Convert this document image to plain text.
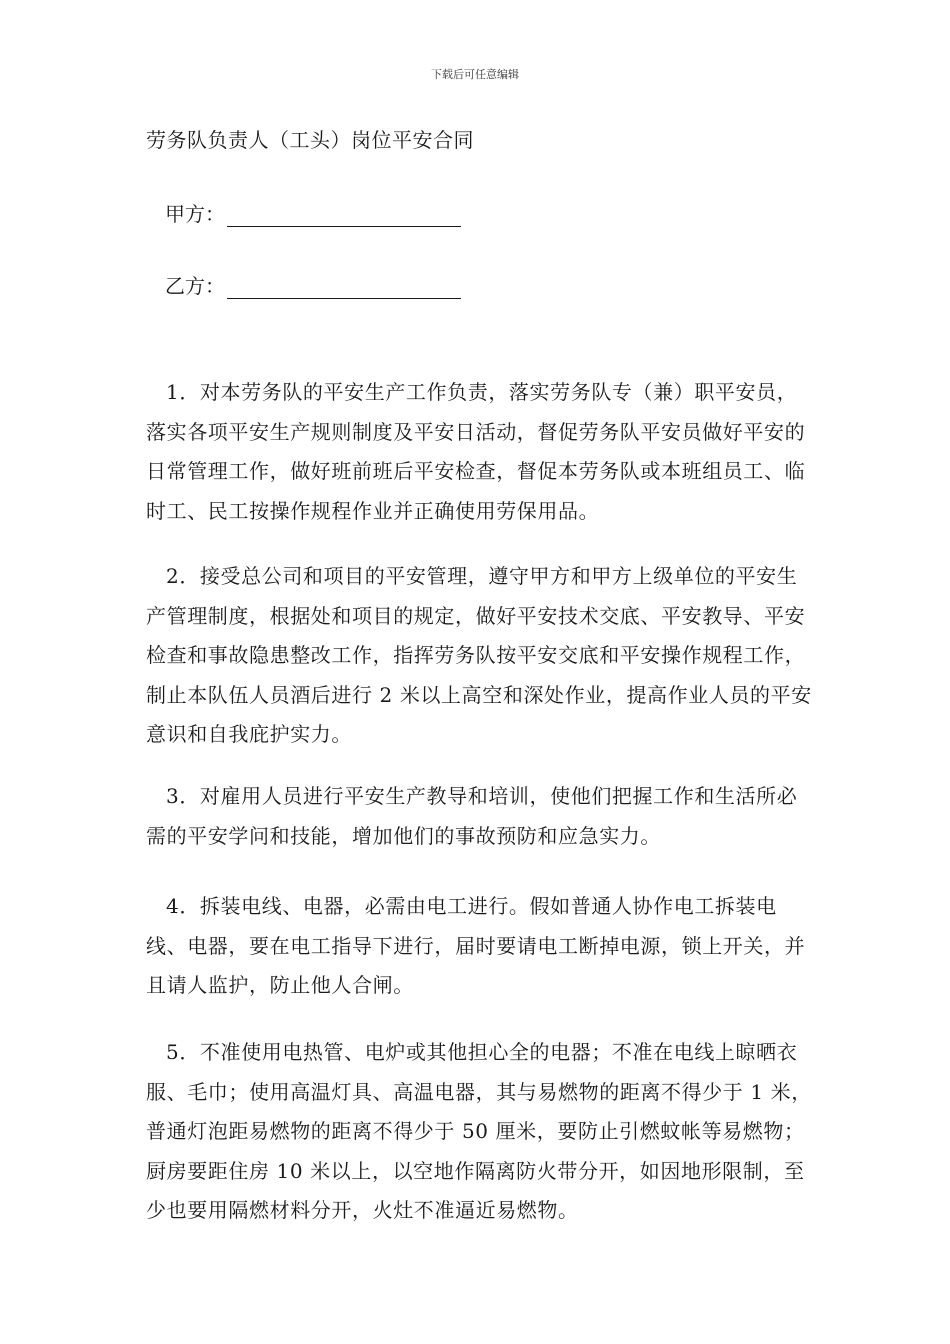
下载后可任意编辑
劳务队负责人（工头）岗位平安合同
甲方：
乙方：

1．对本劳务队的平安生产工作负责，落实劳务队专（兼）职平安员，落实各项平安生产规则制度及平安日活动，督促劳务队平安员做好平安的日常管理工作，做好班前班后平安检查，督促本劳务队或本班组员工、临时工、民工按操作规程作业并正确使用劳保用品。

2．接受总公司和项目的平安管理，遵守甲方和甲方上级单位的平安生产管理制度，根据处和项目的规定，做好平安技术交底、平安教导、平安检查和事故隐患整改工作，指挥劳务队按平安交底和平安操作规程工作，制止本队伍人员酒后进行 2 米以上高空和深处作业，提高作业人员的平安意识和自我庇护实力。

3．对雇用人员进行平安生产教导和培训，使他们把握工作和生活所必需的平安学问和技能，增加他们的事故预防和应急实力。

4．拆装电线、电器，必需由电工进行。假如普通人协作电工拆装电线、电器，要在电工指导下进行，届时要请电工断掉电源，锁上开关，并且请人监护，防止他人合闸。

5．不准使用电热管、电炉或其他担心全的电器；不准在电线上晾晒衣服、毛巾；使用高温灯具、高温电器，其与易燃物的距离不得少于 1 米，普通灯泡距易燃物的距离不得少于 50 厘米，要防止引燃蚊帐等易燃物；厨房要距住房 10 米以上，以空地作隔离防火带分开，如因地形限制，至少也要用隔燃材料分开，火灶不准逼近易燃物。
